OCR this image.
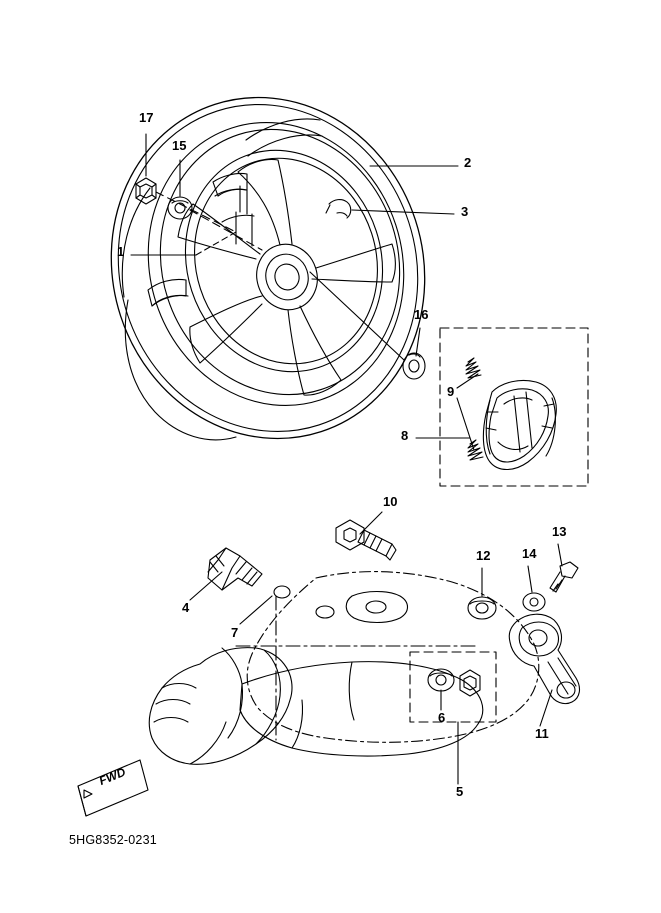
17
15
2
3
1
16
9
8
10
13
12 14
4
7
6
11
5
FWD
5HG8352-0231
